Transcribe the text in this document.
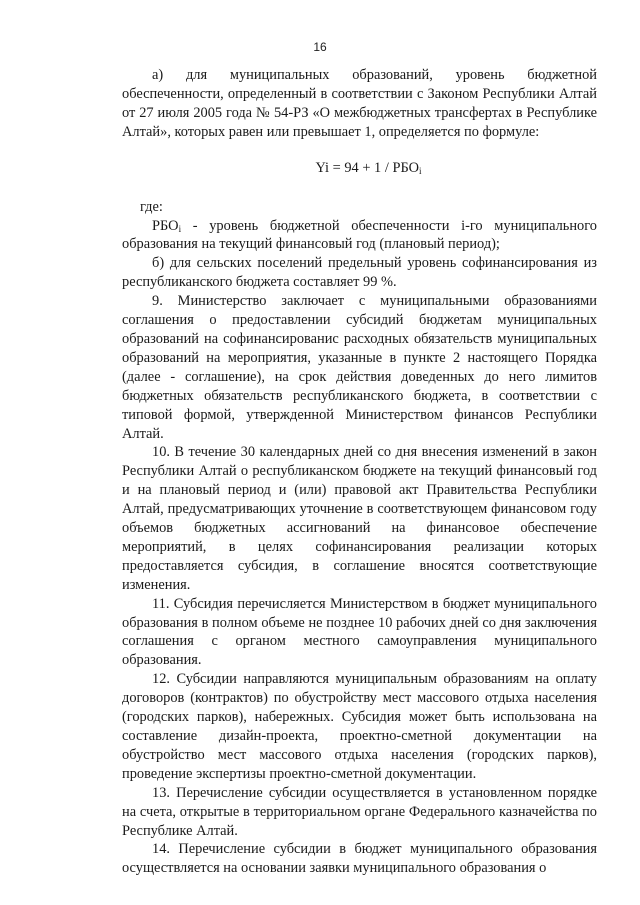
16

а) для муниципальных образований, уровень бюджетной обеспеченности, определенный в соответствии с Законом Республики Алтай от 27 июля 2005 года № 54-РЗ «О межбюджетных трансфертах в Республике Алтай», которых равен или превышает 1, определяется по формуле:

$Yi = 94 + 1 / РБО_i$

где:

$РБО_i$ - уровень бюджетной обеспеченности i-го муниципального образования на текущий финансовый год (плановый период);

б) для сельских поселений предельный уровень софинансирования из республиканского бюджета составляет 99 %.

9. Министерство заключает с муниципальными образованиями соглашения о предоставлении субсидий бюджетам муниципальных образований на софинансированис расходных обязательств муниципальных образований на мероприятия, указанные в пункте 2 настоящего Порядка (далее - соглашение), на срок действия доведенных до него лимитов бюджетных обязательств республиканского бюджета, в соответствии с типовой формой, утвержденной Министерством финансов Республики Алтай.

10. В течение 30 календарных дней со дня внесения изменений в закон Республики Алтай о республиканском бюджете на текущий финансовый год и на плановый период и (или) правовой акт Правительства Республики Алтай, предусматривающих уточнение в соответствующем финансовом году объемов бюджетных ассигнований на финансовое обеспечение мероприятий, в целях софинансирования реализации которых предоставляется субсидия, в соглашение вносятся соответствующие изменения.

11. Субсидия перечисляется Министерством в бюджет муниципального образования в полном объеме не позднее 10 рабочих дней со дня заключения соглашения с органом местного самоуправления муниципального образования.

12. Субсидии направляются муниципальным образованиям на оплату договоров (контрактов) по обустройству мест массового отдыха населения (городских парков), набережных. Субсидия может быть использована на составление дизайн-проекта, проектно-сметной документации на обустройство мест массового отдыха населения (городских парков), проведение экспертизы проектно-сметной документации.

13. Перечисление субсидии осуществляется в установленном порядке на счета, открытые в территориальном органе Федерального казначейства по Республике Алтай.

14. Перечисление субсидии в бюджет муниципального образования осуществляется на основании заявки муниципального образования о
